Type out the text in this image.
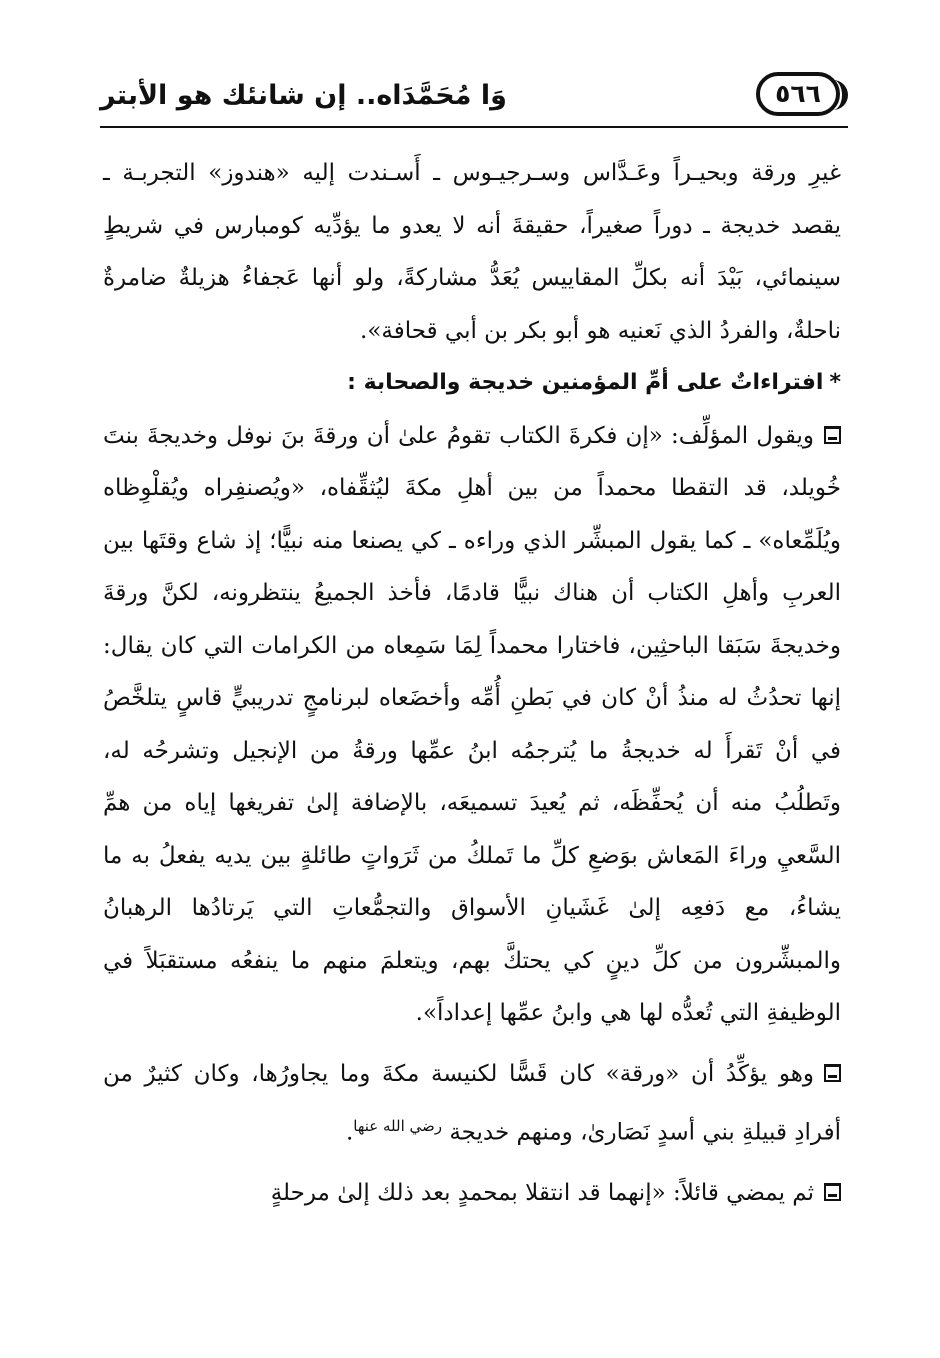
وَا مُحَمَّدَاه.. إن شانئك هو الأبتر	٥٦٦

غيرِ ورقة وبحيـراً وعَـدَّاس وسـرجيـوس ـ أَسـندت إليه «هندوز» التجربـة ـ يقصد خديجة ـ دوراً صغيراً، حقيقةَ أنه لا يعدو ما يؤدِّيه كومبارس في شريطٍ سينمائي، بَيْدَ أنه بكلِّ المقاييس يُعَدُّ مشاركةً، ولو أنها عَجفاءُ هزيلةٌ ضامرةٌ ناحلةٌ، والفردُ الذي نَعنيه هو أبو بكر بن أبي قحافة».

*افتراءاتٌ على أمِّ المؤمنين خديجة والصحابة :

ويقول المؤلِّف: «إن فكرةَ الكتاب تقومُ علىٰ أن ورقةَ بنَ نوفل وخديجةَ بنتَ خُويلد، قد التقطا محمداً من بين أهلِ مكةَ ليُثقِّفاه، «ويُصنفِراه ويُقلْوِظاه ويُلَمِّعاه» ـ كما يقول المبشِّر الذي وراءه ـ كي يصنعا منه نبيًّا؛ إذ شاع وقتَها بين العربِ وأهلِ الكتاب أن هناك نبيًّا قادمًا، فأخذ الجميعُ ينتظرونه، لكنَّ ورقةَ وخديجةَ سَبَقا الباحثِين، فاختارا محمداً لِمَا سَمِعاه من الكرامات التي كان يقال: إنها تحدُثُ له منذُ أنْ كان في بَطنِ أُمِّه وأخضَعاه لبرنامجٍ تدريبيٍّ قاسٍ يتلخَّصُ في أنْ تَقرأَ له خديجةُ ما يُترجمُه ابنُ عمِّها ورقةُ من الإنجيل وتشرحُه له، وتَطلُبُ منه أن يُحفِّظَه، ثم يُعيدَ تسميعَه، بالإضافة إلىٰ تفريغها إياه من همِّ السَّعيِ وراءَ المَعاش بوَضعِ كلِّ ما تَملكُ من ثَرَواتٍ طائلةٍ بين يديه يفعلُ به ما يشاءُ، مع دَفعِه إلىٰ غَشَيانِ الأسواق والتجمُّعاتِ التي يَرتادُها الرهبانُ والمبشِّرون من كلِّ دينٍ كي يحتكَّ بهم، ويتعلمَ منهم ما ينفعُه مستقبَلاً في الوظيفةِ التي تُعدُّه لها هي وابنُ عمِّها إعداداً».

وهو يؤكِّدُ أن «ورقة» كان قَسًّا لكنيسة مكةَ وما يجاورُها، وكان كثيرٌ من أفرادِ قبيلةِ بني أسدٍ نَصَارىٰ، ومنهم خديجة $^{رضي الله عنها}$.

ثم يمضي قائلاً: «إنهما قد انتقلا بمحمدٍ بعد ذلك إلىٰ مرحلةٍ
